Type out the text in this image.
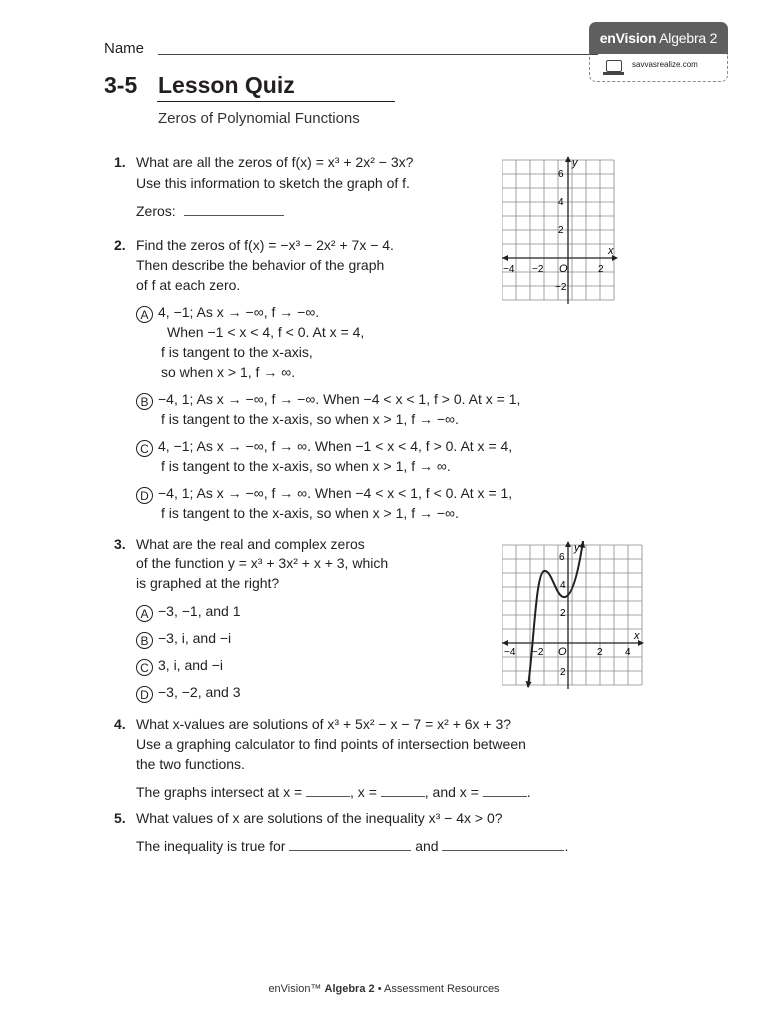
Name
enVision Algebra 2
savvasrealize.com
3-5 Lesson Quiz
Zeros of Polynomial Functions
1. What are all the zeros of f(x) = x³ + 2x² − 3x?
Use this information to sketch the graph of f.
Zeros:
y
x
6
4
2
−2
−4 −2 O	2
2. Find the zeros of f(x) = −x³ − 2x² + 7x − 4.
Then describe the behavior of the graph
of f at each zero.
A 4, −1; As x → −∞, f → −∞.
When −1 < x < 4, f < 0. At x = 4,
f is tangent to the x-axis,
so when x > 1, f → ∞.
B −4, 1; As x → −∞, f → −∞. When −4 < x < 1, f > 0. At x = 1,
f is tangent to the x-axis, so when x > 1, f → −∞.
C 4, −1; As x → −∞, f → ∞. When −1 < x < 4, f > 0. At x = 4,
f is tangent to the x-axis, so when x > 1, f → ∞.
D −4, 1; As x → −∞, f → ∞. When −4 < x < 1, f < 0. At x = 1,
f is tangent to the x-axis, so when x > 1, f → −∞.
3. What are the real and complex zeros
of the function y = x³ + 3x² + x + 3, which
is graphed at the right?
A −3, −1, and 1
B −3, i, and −i
C 3, i, and −i
D −3, −2, and 3
y
x
6
4
2
2
−4 −2 O	2 4
4. What x-values are solutions of x³ + 5x² − x − 7 = x² + 6x + 3?
Use a graphing calculator to find points of intersection between
the two functions.
The graphs intersect at x =	, x =	, and x =	.
5. What values of x are solutions of the inequality x³ − 4x > 0?
The inequality is true for	and	.
enVision™ Algebra 2 • Assessment Resources
